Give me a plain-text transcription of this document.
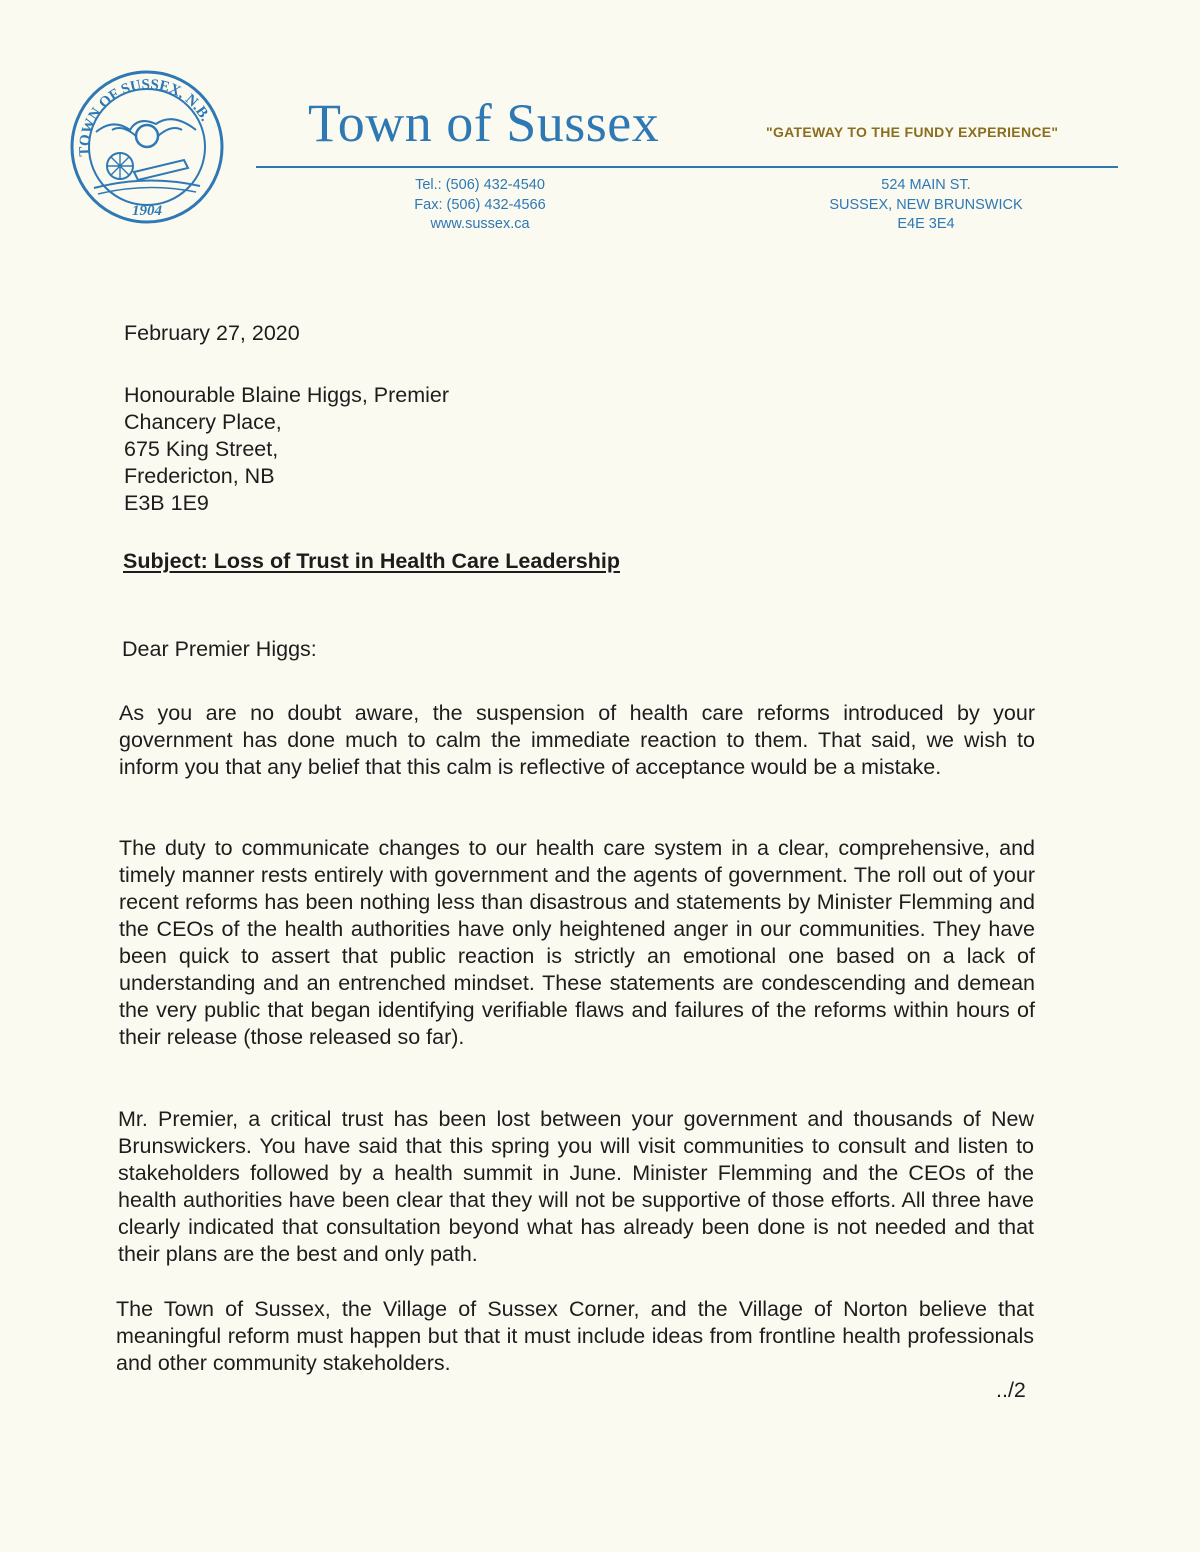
TOWN OF SUSSEX, N.B.
1904
Town of Sussex	"GATEWAY TO THE FUNDY EXPERIENCE"
Tel.: (506) 432-4540
Fax: (506) 432-4566
www.sussex.ca
524 MAIN ST.
SUSSEX, NEW BRUNSWICK
E4E 3E4
February 27, 2020
Honourable Blaine Higgs, Premier
Chancery Place,
675 King Street,
Fredericton, NB
E3B 1E9
Subject: Loss of Trust in Health Care Leadership
Dear Premier Higgs:
As you are no doubt aware, the suspension of health care reforms introduced by your government has done much to calm the immediate reaction to them. That said, we wish to inform you that any belief that this calm is reflective of acceptance would be a mistake.
The duty to communicate changes to our health care system in a clear, comprehensive, and timely manner rests entirely with government and the agents of government. The roll out of your recent reforms has been nothing less than disastrous and statements by Minister Flemming and the CEOs of the health authorities have only heightened anger in our communities. They have been quick to assert that public reaction is strictly an emotional one based on a lack of understanding and an entrenched mindset. These statements are condescending and demean the very public that began identifying verifiable flaws and failures of the reforms within hours of their release (those released so far).
Mr. Premier, a critical trust has been lost between your government and thousands of New Brunswickers. You have said that this spring you will visit communities to consult and listen to stakeholders followed by a health summit in June. Minister Flemming and the CEOs of the health authorities have been clear that they will not be supportive of those efforts. All three have clearly indicated that consultation beyond what has already been done is not needed and that their plans are the best and only path.
The Town of Sussex, the Village of Sussex Corner, and the Village of Norton believe that meaningful reform must happen but that it must include ideas from frontline health professionals and other community stakeholders.
../2
